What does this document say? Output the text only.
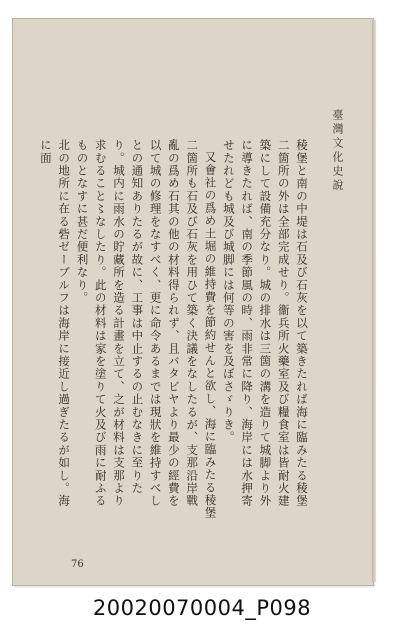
臺灣文化史說

稜堡と南の中堤は石及び石灰を以て築きたれば海に臨みたる稜堡二箇所の外は全部完成せり。衞兵所火藥室及び糧食室は皆耐火建築にして設備充分なり。城の排水は三箇の溝を造りて城脚より外に導きたれば、南の季節風の時、雨非常に降り、海岸には水押寄せたれども城及び城脚には何等の害を及ぼさゞりき。

又會社の爲め土堀の維持費を節約せんと欲し、海に臨みたる稜堡二箇所も石及び石灰を用ひて築く決議をなしたるが、支那沿岸戰亂の爲め石其の他の材料得られず、且バタビヤより最少の經費を以て城の修理をなすべく、更に命令あるまでは現狀を維持すべしとの通知ありたるが故に、工事は中止するの止むなきに至りたり。城内に雨水の貯藏所を造る計畫を立て、之が材料は支那より求むること〻なしたり。此の材料は家を塗りて火及び雨に耐ふるものとなすに甚だ便利なり。

北の地所に在る砦ゼーブルフは海岸に接近し過ぎたるが如し。海に面

76
20020070004_P098
